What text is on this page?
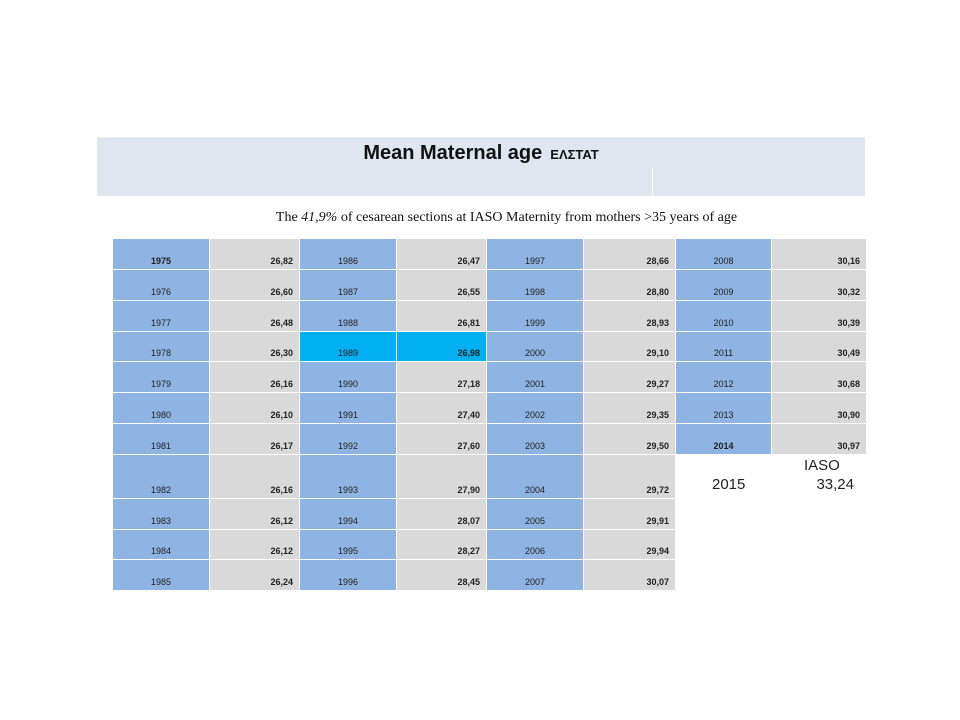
Mean Maternal age ΕΛΣΤΑΤ
The 41,9% of cesarean sections at IASO Maternity from mothers >35 years of age
1975	26,82	1986	26,47	1997	28,66	2008	30,16
1976	26,60	1987	26,55	1998	28,80	2009	30,32
1977	26,48	1988	26,81	1999	28,93	2010	30,39
1978	26,30	1989	26,98	2000	29,10	2011	30,49
1979	26,16	1990	27,18	2001	29,27	2012	30,68
1980	26,10	1991	27,40	2002	29,35	2013	30,90
1981	26,17	1992	27,60	2003	29,50	2014	30,97
1982	26,16	1993	27,90	2004	29,72	IASO
2015 33,24	

1983	26,12	1994	28,07	2005	29,91		
1984	26,12	1995	28,27	2006	29,94		
1985	26,24	1996	28,45	2007	30,07		
